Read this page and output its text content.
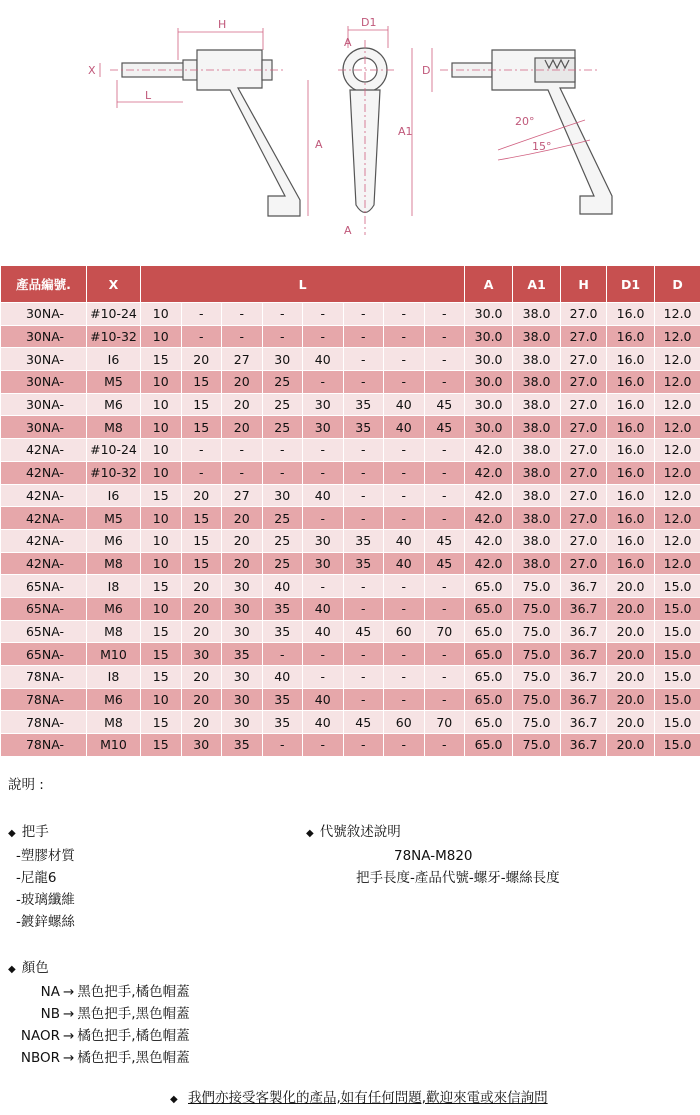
H
X
L
A
D1
A1
D
A
A
20°
15°
產品編號.	X	L								A	A1	H	D1	D
30NA-	#10-24	10	-	-	-	-	-	-	-	30.0	38.0	27.0	16.0	12.0
30NA-	#10-32	10	-	-	-	-	-	-	-	30.0	38.0	27.0	16.0	12.0
30NA-	I6	15	20	27	30	40	-	-	-	30.0	38.0	27.0	16.0	12.0
30NA-	M5	10	15	20	25	-	-	-	-	30.0	38.0	27.0	16.0	12.0
30NA-	M6	10	15	20	25	30	35	40	45	30.0	38.0	27.0	16.0	12.0
30NA-	M8	10	15	20	25	30	35	40	45	30.0	38.0	27.0	16.0	12.0
42NA-	#10-24	10	-	-	-	-	-	-	-	42.0	38.0	27.0	16.0	12.0
42NA-	#10-32	10	-	-	-	-	-	-	-	42.0	38.0	27.0	16.0	12.0
42NA-	I6	15	20	27	30	40	-	-	-	42.0	38.0	27.0	16.0	12.0
42NA-	M5	10	15	20	25	-	-	-	-	42.0	38.0	27.0	16.0	12.0
42NA-	M6	10	15	20	25	30	35	40	45	42.0	38.0	27.0	16.0	12.0
42NA-	M8	10	15	20	25	30	35	40	45	42.0	38.0	27.0	16.0	12.0
65NA-	I8	15	20	30	40	-	-	-	-	65.0	75.0	36.7	20.0	15.0
65NA-	M6	10	20	30	35	40	-	-	-	65.0	75.0	36.7	20.0	15.0
65NA-	M8	15	20	30	35	40	45	60	70	65.0	75.0	36.7	20.0	15.0
65NA-	M10	15	30	35	-	-	-	-	-	65.0	75.0	36.7	20.0	15.0
78NA-	I8	15	20	30	40	-	-	-	-	65.0	75.0	36.7	20.0	15.0
78NA-	M6	10	20	30	35	40	-	-	-	65.0	75.0	36.7	20.0	15.0
78NA-	M8	15	20	30	35	40	45	60	70	65.0	75.0	36.7	20.0	15.0
78NA-	M10	15	30	35	-	-	-	-	-	65.0	75.0	36.7	20.0	15.0
說明 :
◆ 把手
-塑膠材質
-尼龍6
-玻璃纖維
-鍍鋅螺絲
◆ 代號敘述說明
78NA-M820
把手長度-產品代號-螺牙-螺絲長度
◆ 顏色
NA → 黑色把手,橘色帽蓋
NB → 黑色把手,黑色帽蓋
NAOR → 橘色把手,橘色帽蓋
NBOR → 橘色把手,黑色帽蓋
◆ 我們亦接受客製化的產品,如有任何問題,歡迎來電或來信詢問
